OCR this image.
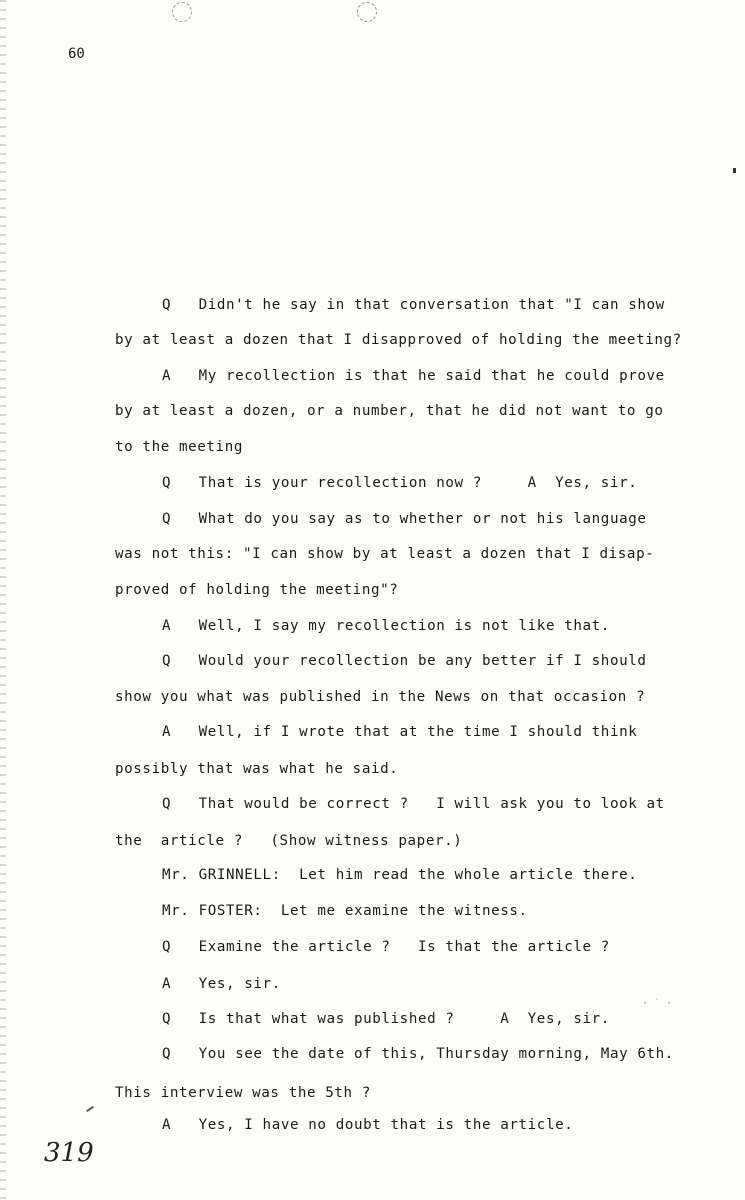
60
Q   Didn't he say in that conversation that "I can show
by at least a dozen that I disapproved of holding the meeting?
A   My recollection is that he said that he could prove
by at least a dozen, or a number, that he did not want to go
to the meeting
Q   That is your recollection now ?     A  Yes, sir.
Q   What do you say as to whether or not his language
was not this: "I can show by at least a dozen that I disap-
proved of holding the meeting"?
A   Well, I say my recollection is not like that.
Q   Would your recollection be any better if I should
show you what was published in the News on that occasion ?
A   Well, if I wrote that at the time I should think
possibly that was what he said.
Q   That would be correct ?   I will ask you to look at
the  article ?   (Show witness paper.)
Mr. GRINNELL:  Let him read the whole article there.
Mr. FOSTER:  Let me examine the witness.
Q   Examine the article ?   Is that the article ?
A   Yes, sir.
Q   Is that what was published ?     A  Yes, sir.
Q   You see the date of this, Thursday morning, May 6th.
This interview was the 5th ?
A   Yes, I have no doubt that is the article.
· ˙ ·
319
